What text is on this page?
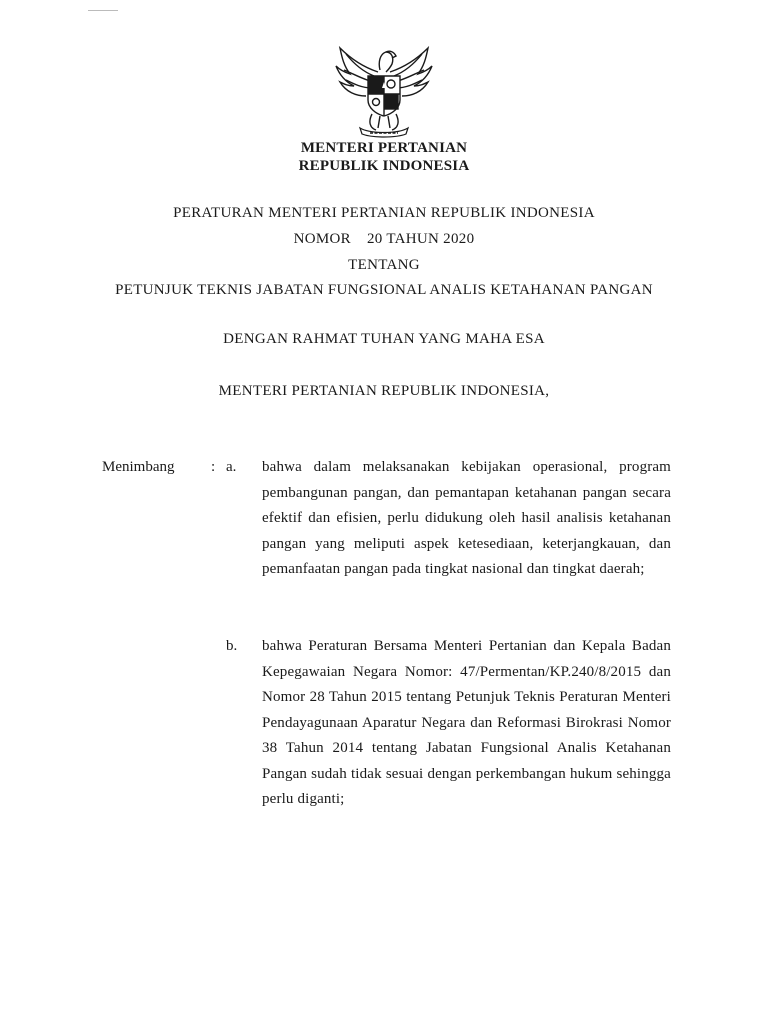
MENTERI PERTANIAN
REPUBLIK INDONESIA
PERATURAN MENTERI PERTANIAN REPUBLIK INDONESIA
NOMOR 20 TAHUN 2020
TENTANG
PETUNJUK TEKNIS JABATAN FUNGSIONAL ANALIS KETAHANAN PANGAN
DENGAN RAHMAT TUHAN YANG MAHA ESA
MENTERI PERTANIAN REPUBLIK INDONESIA,
Menimbang : a. bahwa dalam melaksanakan kebijakan operasional, program pembangunan pangan, dan pemantapan ketahanan pangan secara efektif dan efisien, perlu didukung oleh hasil analisis ketahanan pangan yang meliputi aspek ketesediaan, keterjangkauan, dan pemanfaatan pangan pada tingkat nasional dan tingkat daerah;
b. bahwa Peraturan Bersama Menteri Pertanian dan Kepala Badan Kepegawaian Negara Nomor: 47/Permentan/KP.240/8/2015 dan Nomor 28 Tahun 2015 tentang Petunjuk Teknis Peraturan Menteri Pendayagunaan Aparatur Negara dan Reformasi Birokrasi Nomor 38 Tahun 2014 tentang Jabatan Fungsional Analis Ketahanan Pangan sudah tidak sesuai dengan perkembangan hukum sehingga perlu diganti;
